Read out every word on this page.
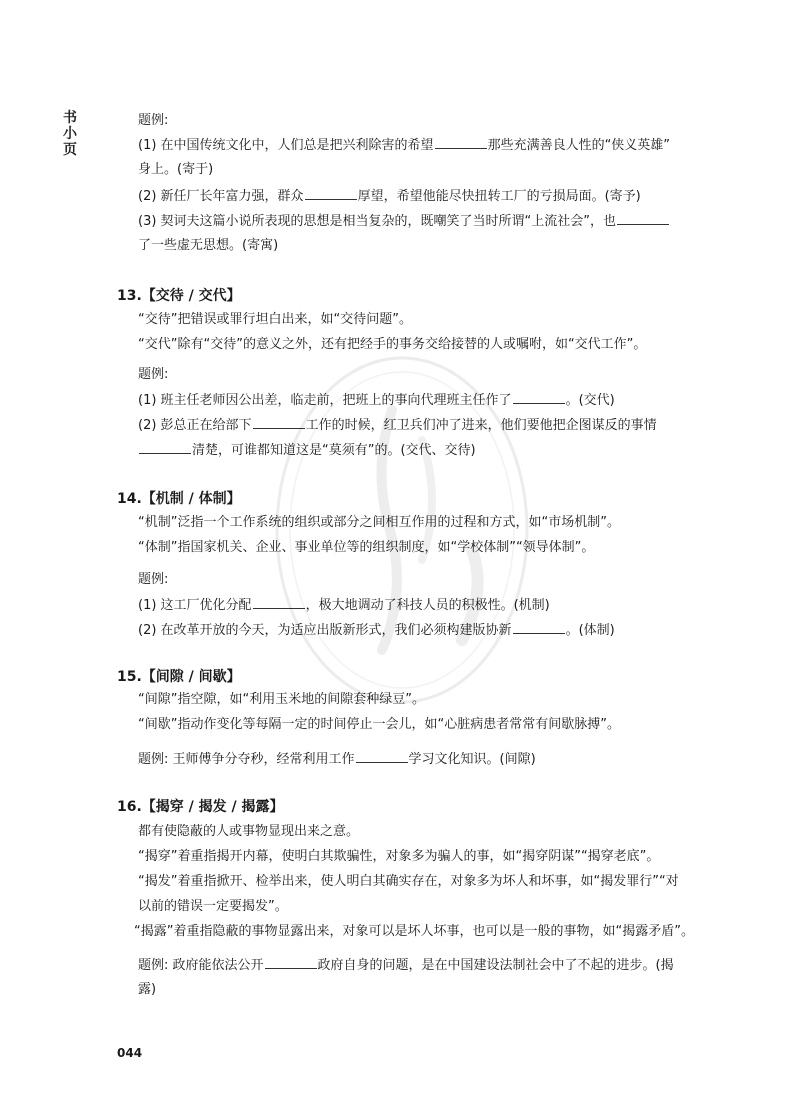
书
小
页
题例:
(1) 在中国传统文化中，人们总是把兴利除害的希望	那些充满善良人性的“侠义英雄”
身上。(寄于)
(2) 新任厂长年富力强，群众	厚望，希望他能尽快扭转工厂的亏损局面。(寄予)
(3) 契诃夫这篇小说所表现的思想是相当复杂的，既嘲笑了当时所谓“上流社会”，也
了一些虚无思想。(寄寓)
13.【交待 / 交代】
“交待”把错误或罪行坦白出来，如“交待问题”。
“交代”除有“交待”的意义之外，还有把经手的事务交给接替的人或嘱咐，如“交代工作”。
题例:
(1) 班主任老师因公出差，临走前，把班上的事向代理班主任作了	。(交代)
(2) 彭总正在给部下	工作的时候，红卫兵们冲了进来，他们要他把企图谋反的事情
清楚，可谁都知道这是“莫须有”的。(交代、交待)
14.【机制 / 体制】
“机制”泛指一个工作系统的组织或部分之间相互作用的过程和方式，如“市场机制”。
“体制”指国家机关、企业、事业单位等的组织制度，如“学校体制”“领导体制”。
题例:
(1) 这工厂优化分配	，极大地调动了科技人员的积极性。(机制)
(2) 在改革开放的今天，为适应出版新形式，我们必须构建版协新	。(体制)
15.【间隙 / 间歇】
“间隙”指空隙，如“利用玉米地的间隙套种绿豆”。
“间歇”指动作变化等每隔一定的时间停止一会儿，如“心脏病患者常常有间歇脉搏”。
题例: 王师傅争分夺秒，经常利用工作	学习文化知识。(间隙)
16.【揭穿 / 揭发 / 揭露】
都有使隐蔽的人或事物显现出来之意。
“揭穿”着重指揭开内幕，使明白其欺骗性，对象多为骗人的事，如“揭穿阴谋”“揭穿老底”。
“揭发”着重指掀开、检举出来，使人明白其确实存在，对象多为坏人和坏事，如“揭发罪行”“对
以前的错误一定要揭发”。
“揭露”着重指隐蔽的事物显露出来，对象可以是坏人坏事，也可以是一般的事物，如“揭露矛盾”。
题例: 政府能依法公开	政府自身的问题，是在中国建设法制社会中了不起的进步。(揭
露)
044
